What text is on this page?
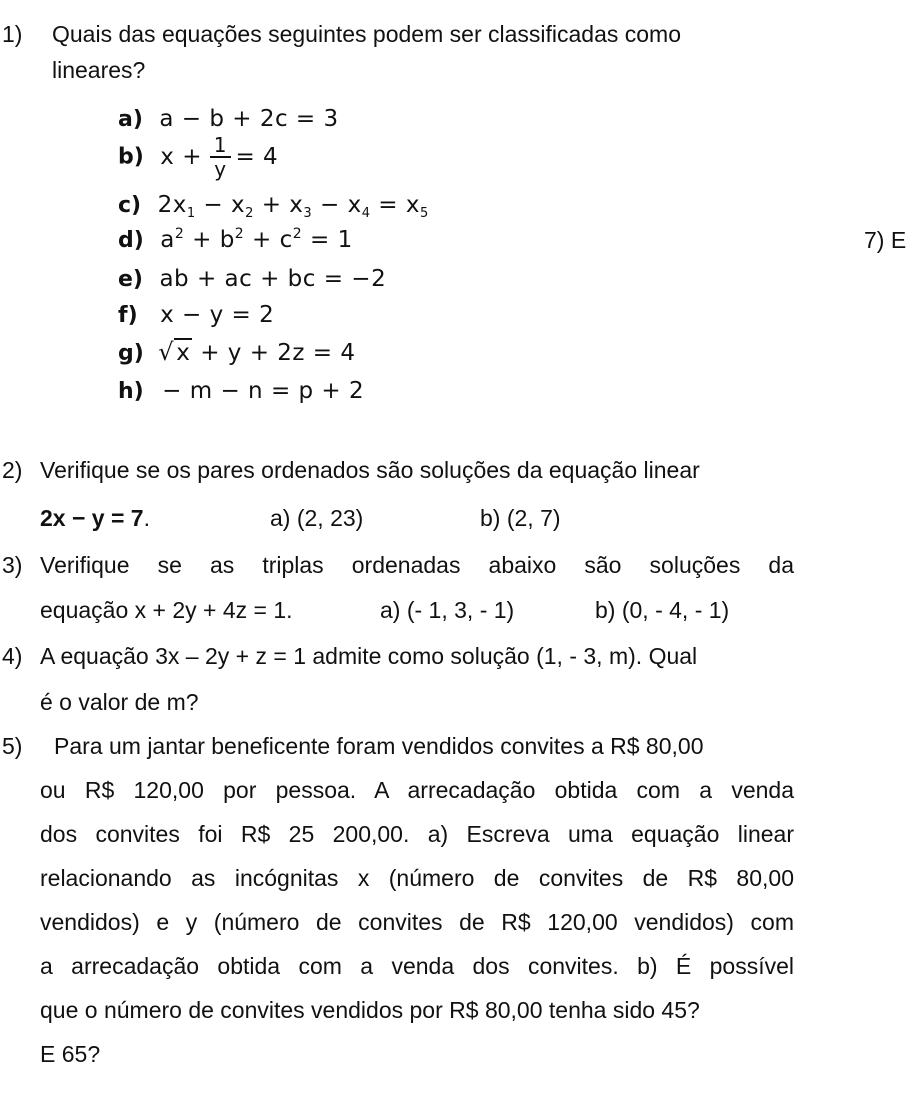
1) Quais das equações seguintes podem ser classificadas como
lineares?
a) a − b + 2c = 3
b) $x + \frac{1}{y} = 4$
c) $2x_1 - x_2 + x_3 - x_4 = x_5$
d) $a^2 + b^2 + c^2 = 1$	7) E
e) ab + ac + bc = −2
f) x − y = 2
g) √ x + y + 2z = 4
h) − m − n = p + 2
2) Verifique se os pares ordenados são soluções da equação linear
2x − y = 7.	a) (2, 23)	b) (2, 7)
3) Verifique se as triplas ordenadas abaixo são soluções da
equação x + 2y + 4z = 1.	a) (- 1, 3, - 1)	b) (0, - 4, - 1)
4) A equação 3x – 2y + z = 1 admite como solução (1, - 3, m). Qual
é o valor de m?
5) Para um jantar beneficente foram vendidos convites a R$ 80,00
ou R$ 120,00 por pessoa. A arrecadação obtida com a venda
dos convites foi R$ 25 200,00. a) Escreva uma equação linear
relacionando as incógnitas x (número de convites de R$ 80,00
vendidos) e y (número de convites de R$ 120,00 vendidos) com
a arrecadação obtida com a venda dos convites. b) É possível
que o número de convites vendidos por R$ 80,00 tenha sido 45?
E 65?
